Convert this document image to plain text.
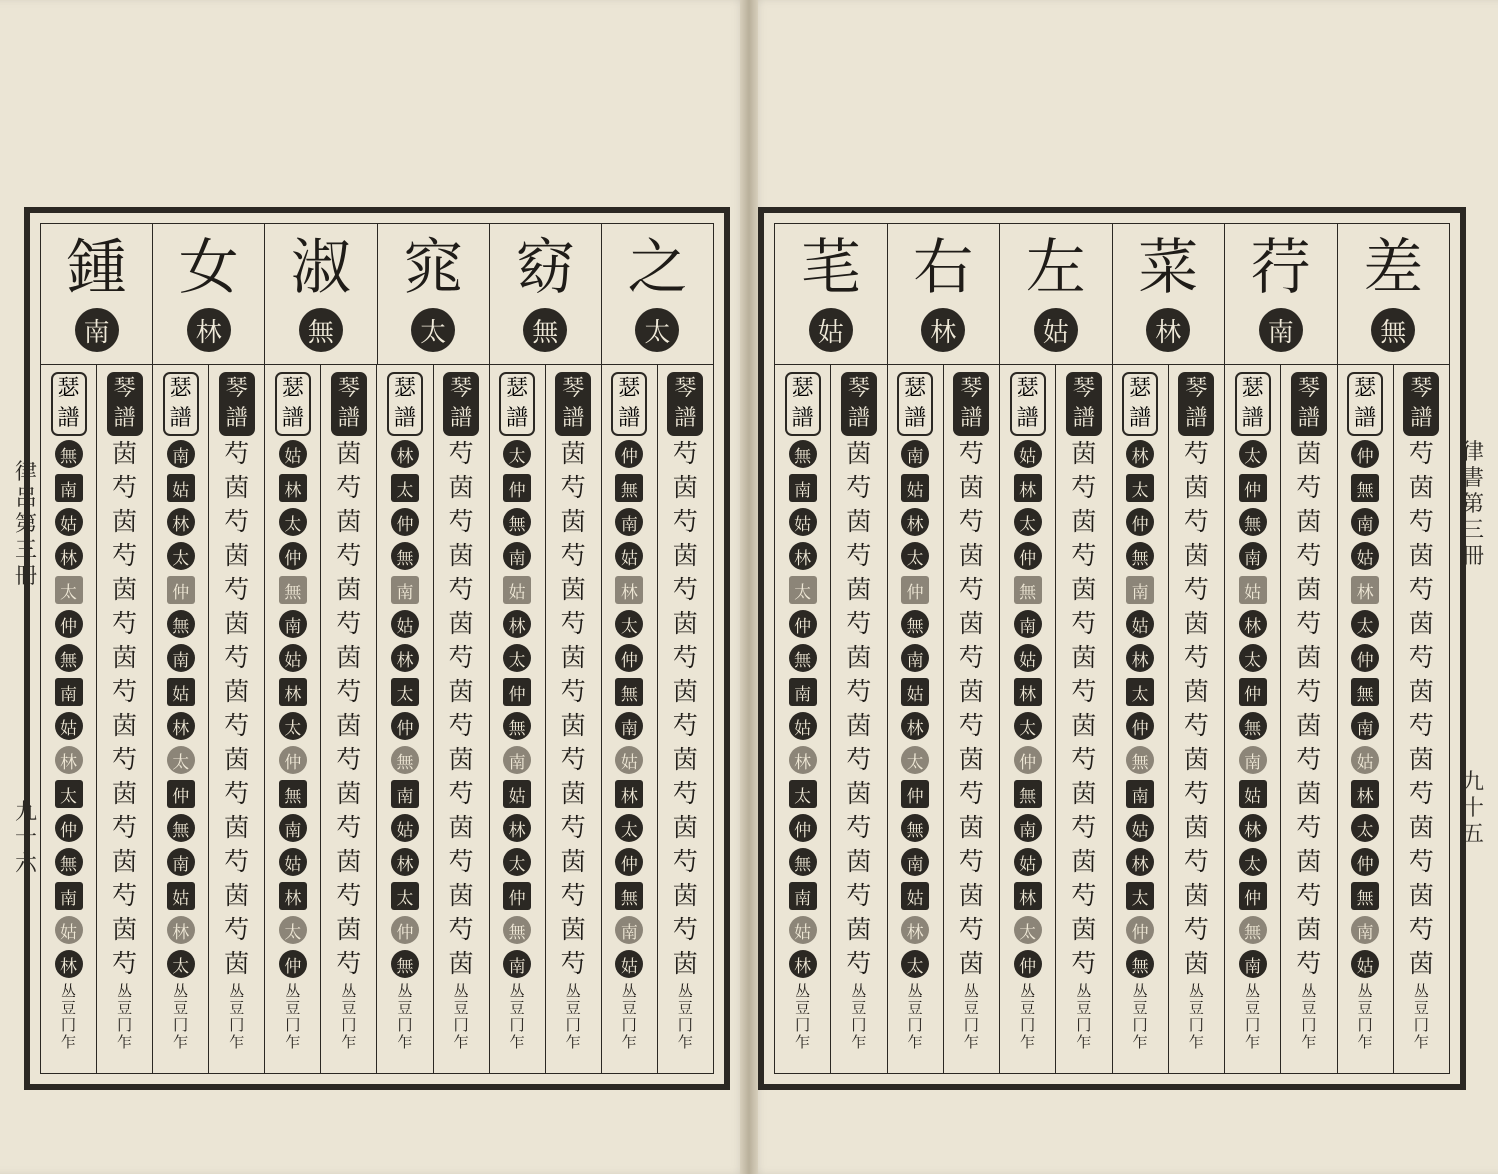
律呂第三冊
九十六
鍾
南
女
林
淑
無
窕
太
窈
無
之
太
瑟
譜
無
南
姑
林
太
仲
無
南
姑
林
太
仲
無
南
姑
林
丛豆冂乍
琴
譜
茵
芍
茵
芍
茵
芍
茵
芍
茵
芍
茵
芍
茵
芍
茵
芍
丛豆冂乍
瑟
譜
南
姑
林
太
仲
無
南
姑
林
太
仲
無
南
姑
林
太
丛豆冂乍
琴
譜
芍
茵
芍
茵
芍
茵
芍
茵
芍
茵
芍
茵
芍
茵
芍
茵
丛豆冂乍
瑟
譜
姑
林
太
仲
無
南
姑
林
太
仲
無
南
姑
林
太
仲
丛豆冂乍
琴
譜
茵
芍
茵
芍
茵
芍
茵
芍
茵
芍
茵
芍
茵
芍
茵
芍
丛豆冂乍
瑟
譜
林
太
仲
無
南
姑
林
太
仲
無
南
姑
林
太
仲
無
丛豆冂乍
琴
譜
芍
茵
芍
茵
芍
茵
芍
茵
芍
茵
芍
茵
芍
茵
芍
茵
丛豆冂乍
瑟
譜
太
仲
無
南
姑
林
太
仲
無
南
姑
林
太
仲
無
南
丛豆冂乍
琴
譜
茵
芍
茵
芍
茵
芍
茵
芍
茵
芍
茵
芍
茵
芍
茵
芍
丛豆冂乍
瑟
譜
仲
無
南
姑
林
太
仲
無
南
姑
林
太
仲
無
南
姑
丛豆冂乍
琴
譜
芍
茵
芍
茵
芍
茵
芍
茵
芍
茵
芍
茵
芍
茵
芍
茵
丛豆冂乍
律書第三冊
九十五
芼
姑
右
林
左
姑
菜
林
荇
南
差
無
瑟
譜
無
南
姑
林
太
仲
無
南
姑
林
太
仲
無
南
姑
林
丛豆冂乍
琴
譜
茵
芍
茵
芍
茵
芍
茵
芍
茵
芍
茵
芍
茵
芍
茵
芍
丛豆冂乍
瑟
譜
南
姑
林
太
仲
無
南
姑
林
太
仲
無
南
姑
林
太
丛豆冂乍
琴
譜
芍
茵
芍
茵
芍
茵
芍
茵
芍
茵
芍
茵
芍
茵
芍
茵
丛豆冂乍
瑟
譜
姑
林
太
仲
無
南
姑
林
太
仲
無
南
姑
林
太
仲
丛豆冂乍
琴
譜
茵
芍
茵
芍
茵
芍
茵
芍
茵
芍
茵
芍
茵
芍
茵
芍
丛豆冂乍
瑟
譜
林
太
仲
無
南
姑
林
太
仲
無
南
姑
林
太
仲
無
丛豆冂乍
琴
譜
芍
茵
芍
茵
芍
茵
芍
茵
芍
茵
芍
茵
芍
茵
芍
茵
丛豆冂乍
瑟
譜
太
仲
無
南
姑
林
太
仲
無
南
姑
林
太
仲
無
南
丛豆冂乍
琴
譜
茵
芍
茵
芍
茵
芍
茵
芍
茵
芍
茵
芍
茵
芍
茵
芍
丛豆冂乍
瑟
譜
仲
無
南
姑
林
太
仲
無
南
姑
林
太
仲
無
南
姑
丛豆冂乍
琴
譜
芍
茵
芍
茵
芍
茵
芍
茵
芍
茵
芍
茵
芍
茵
芍
茵
丛豆冂乍
